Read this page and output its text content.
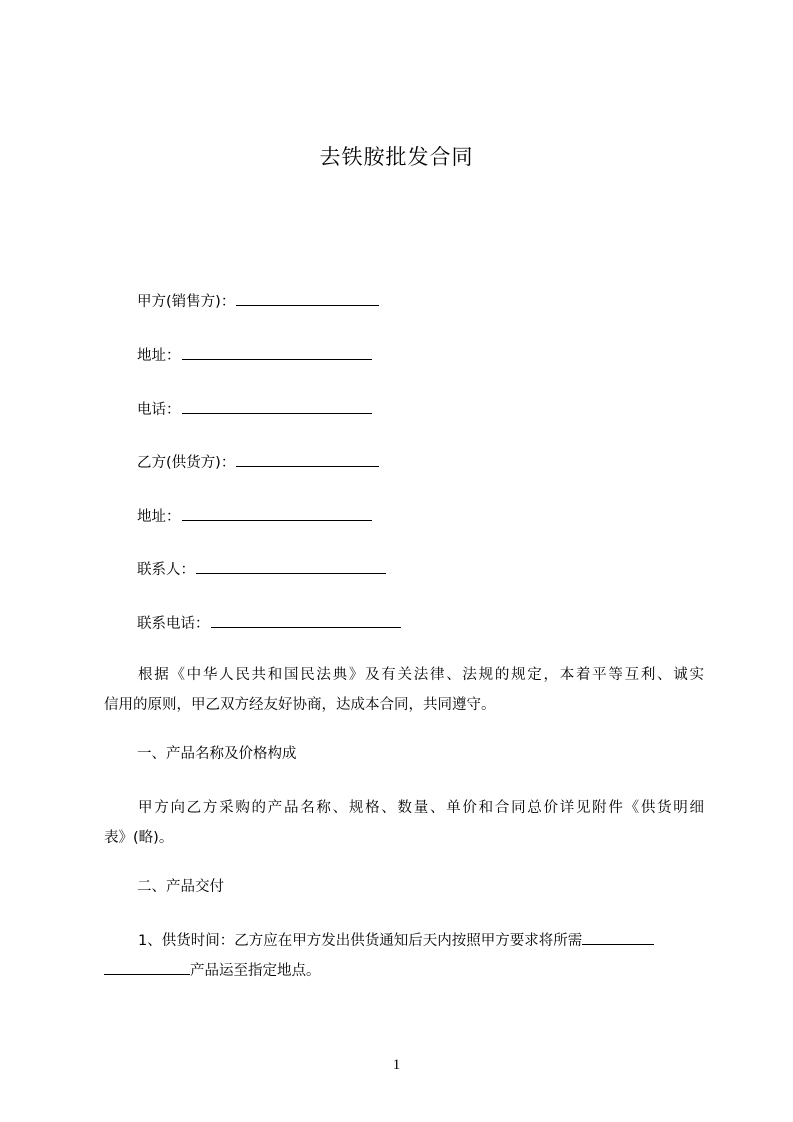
去铁胺批发合同
甲方(销售方)：
地址：
电话：
乙方(供货方)：
地址：
联系人：
联系电话：
根据《中华人民共和国民法典》及有关法律、法规的规定，本着平等互利、诚实
信用的原则，甲乙双方经友好协商，达成本合同，共同遵守。
一、产品名称及价格构成
甲方向乙方采购的产品名称、规格、数量、单价和合同总价详见附件《供货明细
表》(略)。
二、产品交付
1、供货时间：乙方应在甲方发出供货通知后天内按照甲方要求将所需
产品运至指定地点。
1
